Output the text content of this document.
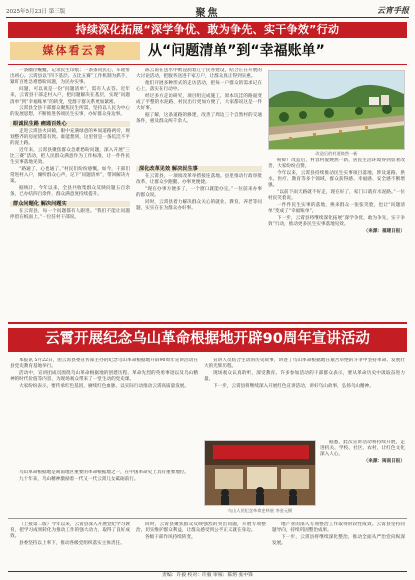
2025年5月23日 第三版	聚焦	云宵手报
持续深化拓展“深学争优、敢为争先、实干争效”行动
媒体看云霄	从“问题清单”到“幸福账单”

一条幽径蜿蜒，记录民生印痕；一条条问民心，车轮带出初心。云霄县以“四下基层、五比五赛”工作机制为抓手，紧盯百姓急难愁盼问题，为民办实事。

问题，可以说是一份“问题清单”，需有人去答。近年来，云霄县干部走村入户，把问题解决在基层，实现“问题清单”到“幸福账单”的转变，党群干群关系更加紧密。

云霄县全县干部群众聚焦民生所需，坚持以人民为中心的发展思想，不断推进各项民生实事，办好群众身边事。

眼诚民生路 痛通百姓心

走进云霄县火田镇，眼中充满绿意的乡间道路两旁，规划整齐的房屋错落有致。谁能想到，这里曾是一条坑洼不平的泥土路。

近年来，云霄县聚焦群众急难愁盼问题，深入开展“三比三赛”活动，把人民群众满意作为工作标准，让一件件民生实事落地见效。

“路通了，心也通了。”村民们纷纷感慨。如今，干部们常进村入户，倾听群众心声，记下“问题清单”，带回解决方案。

据统计，今年以来，全县共收集群众反映问题五百余条，已办结四百余件，群众满意度持续提升。

群众问题化 解决问题实

在云霄县，每一个问题都有人跟进。“我们不能让问题停留在纸面上。”一位驻村干部说。

陈云南在送水中被浸润着辽宁民办建设，结合正在开展的大讨论活动，把服务送进千家万户，让群众真正得到实惠。

他们开展多种形式的走访活动，把每一户群众的需求记在心上，落实在行动中。

经过多方走访研究，项目组完成施工，原本坑洼的路面变成了平整的水泥路，村民出行更加方便了，大家都说这是一件大好事。

据了解，这条道路的修建，改善了周边三个自然村的交通条件，惠及群众两千余人。

深化改革见效 解决民生事

在云霄县，一项项改革举措接连落地。县里推动行政审批改革，让群众少跑腿、办事更便捷。

“现在办事方便多了，一个窗口就能办完。”一位前来办事的群众说。

同时，云霄县着力解决群众关心的就业、教育、养老等问题，实实在在为群众办好事。

改造后的村道焕然一新

粉碎厂改造后，村容村貌焕然一新，居民生活环境得到显著改善，大家纷纷点赞。

今年以来，云霄县持续推动民生实事项目落地，涉及道路、供水、医疗、教育等多个领域，群众获得感、幸福感、安全感不断增强。

“以前下雨天路就不好走，现在好了，家门口就有水泥路。”一位村民笑着说。

一件件民生实事的落地，换来群众一张张笑脸，也让“问题清单”变成了“幸福账单”。

下一步，云霄县将继续深化拓展“深学争优、敢为争先、实干争效”行动，推动更多民生实事落地见效。

（来源：福建日报）

云霄开展纪念乌山革命根据地开辟90周年宣讲活动

本报讯 5月22日，由云霄县委宣传部主办的纪念乌山革命根据地开辟90周年宣讲活动在县党史教育基地举行。

活动中，宣讲团成员围绕乌山革命根据地的创建历程、革命先烈的英勇事迹以及乌山精神的时代价值等内容，为现场观众带来了一堂生动的党史课。

大家纷纷表示，要传承红色基因，赓续红色血脉，以实际行动推动云霄高质量发展。

乌山革命根据地是闽南地区重要的革命根据地之一，在中国革命史上具有重要地位。

九十年来，乌山精神激励着一代又一代云霄儿女砥砺前行。

宣讲人员结合生动的历史故事，讲述了乌山革命根据地在艰苦卓绝的斗争中坚持革命、发展壮大的光辉历程。

现场观众认真聆听，深受教育。许多参加活动的干部群众表示，要从革命历史中汲取奋进力量。

下一步，云霄县将继续深入开展红色宣讲活动，讲好乌山故事，弘扬乌山精神。

乌山人民纪念革命史料展 李金元摄

据悉，此次宣讲活动将持续开展，走进机关、学校、社区、农村，让红色文化深入人心。

（来源：闽南日报）

（上接第二版）今年以来，云霄县深入开展党纪学习教育，把学习成果转化为推动工作的强大动力，取得了良好成效。

县委坚持以上率下，推动各级党组织落实主体责任。

同时，云霄县聚焦群众反映强烈的突出问题，开展专项整治，切实维护群众利益，让群众感受到公平正义就在身边。

各级干部作风持续转变。

地产业的深入专项整治工作取得阶段性成效。云霄县坚持问题导向，持续巩固整治成果。

下一步，云霄县将继续深化整治，推动全面从严治党向纵深发展。

责编：许毅 校对：许毅 审核：陈熔 张中锋
